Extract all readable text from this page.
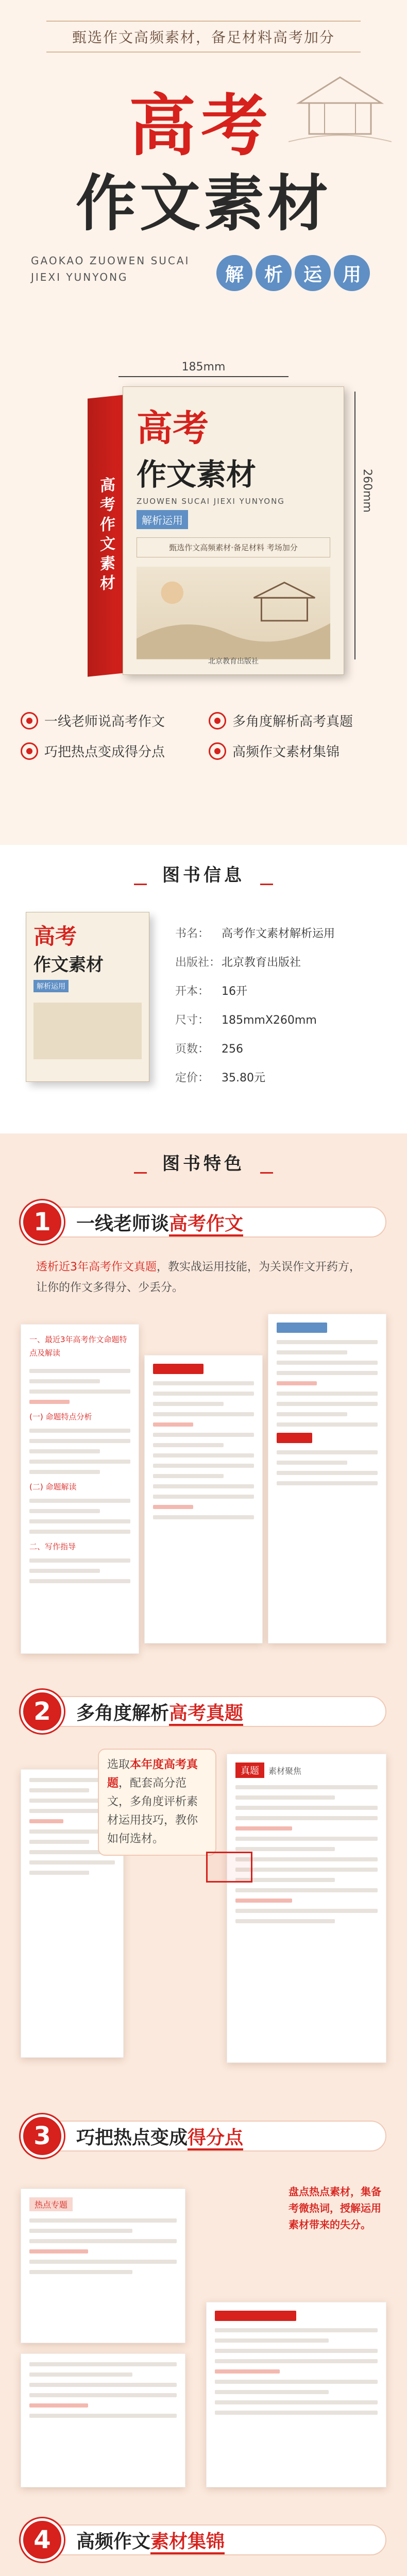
甄选作文高频素材，备足材料高考加分
高考
作文素材
GAOKAO ZUOWEN SUCAI
JIEXI YUNYONG	解	析	运	用
185mm
260mm
高考作文素材
高考
作文素材
ZUOWEN SUCAI JIEXI YUNYONG
解析运用
甄选作文高频素材·备足材料 考场加分
北京教育出版社
一线老师说高考作文	多角度解析高考真题
巧把热点变成得分点	高频作文素材集锦
图书信息
高考
作文素材
解析运用
书名：	高考作文素材解析运用
出版社： 北京教育出版社
开本：	16开
尺寸：	185mmX260mm
页数：	256
定价：	35.80元
图书特色
1	一线老师谈高考作文

透析近3年高考作文真题，教实战运用技能，为关误作文开药方，让你的作文多得分、少丢分。

一、最近3年高考作文命题特点及解读
(一) 命题特点分析
(二) 命题解读
二、写作指导
2	多角度解析高考真题
选取本年度高考真题，配套高分范文，多角度评析素材运用技巧，教你如何选材。
真题	素材聚焦
3	巧把热点变成得分点
热点专题
盘点热点素材，集备考微热词，授解运用素材带来的失分。
4	高频作文素材集锦
